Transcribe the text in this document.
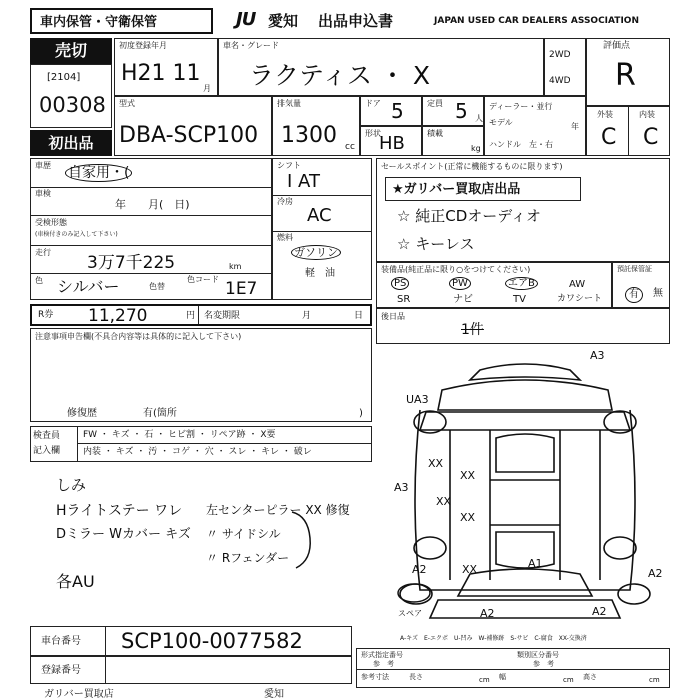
車内保管・守衛保管	JU 愛知 出品申込書	JAPAN USED CAR DEALERS ASSOCIATION
売切
[2104]
00308
初出品
初度登録年月
H21 11
月
車名・グレード
ラクティス ・ X
2WD
4WD
評価点
R
型式
DBA-SCP100
排気量
1300 cc
ドア 5	定員 5 人
形状
HB	積載
kg
ディーラー・並行
モデル	年
ハンドル　左・右
外装	内装
C C
車歴 自家用・(
車検
年　　月(　日)
受検形態
(車検付きのみ記入して下さい)
走行
3万7千225	km
色 シルバー	色替
色コード 1E7
シフト
I AT
冷房
AC
燃料
ガソリン
軽　油
セールスポイント(正常に機能するものに限ります)
★ガリバー買取店出品
☆ 純正CDオーディオ
☆ キーレス
装備品(純正品に限り○をつけてください)
PS	PW	エアB	AW
SR	ナビ	TV	カワシート
預託保管証
有	無
R券 11,270	円 名変期限	月	日 後日品
1件
注意事項申告欄(不具合内容等は具体的に記入して下さい)
修復歴	有(箇所	)
検査員
記入欄
FW ・ キズ ・ 石 ・ ヒビ割 ・ リペア跡 ・ X要
内装 ・ キズ ・ 汚 ・ コゲ ・ 穴 ・ スレ ・ キレ ・ 破レ
しみ
Hライトステー ワレ
Dミラー Wカバー キズ
左センターピラー XX 修復
〃 サイドシル
〃 Rフェンダー
各AU
A3
UA3
A3
XX
XX
XX
XX
A1
A2	A2
XX
A2	A2
スペア
A-キズ　E-エクボ　U-凹み　W-補修跡　S-サビ　C-腐食　XX-交換済
車台番号 SCP100-0077582
登録番号
形式指定番号
参　考
類別区分番号
参　考
参考寸法	長さ	cm 幅	cm 高さ	cm
ガリバー買取店	愛知
